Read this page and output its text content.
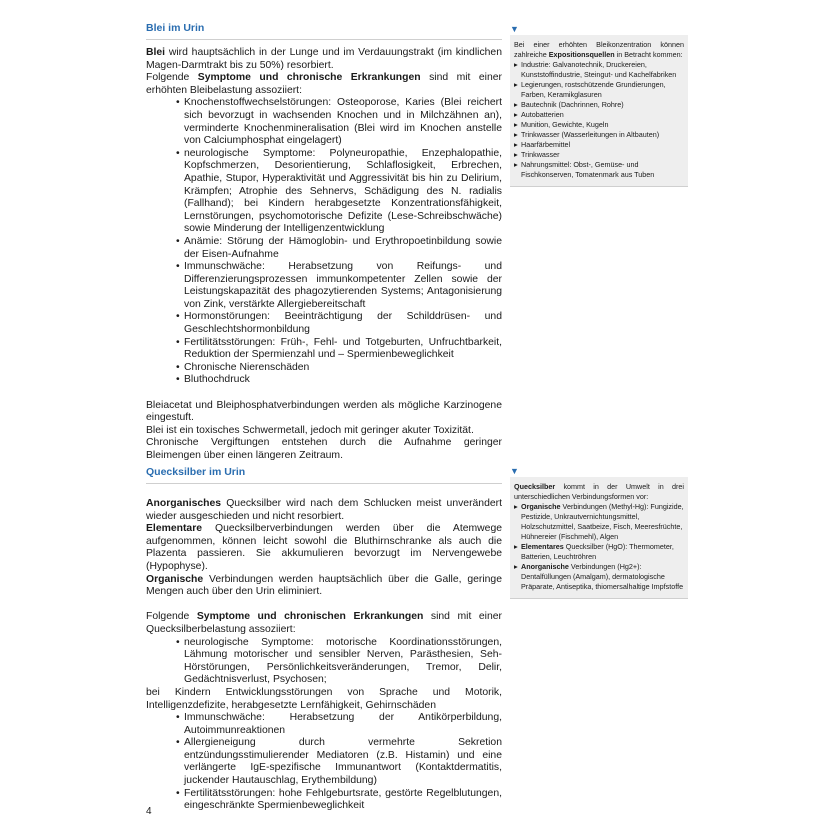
Blei im Urin

Blei wird hauptsächlich in der Lunge und im Verdauungstrakt (im kindlichen Magen-Darmtrakt bis zu 50%) resorbiert.

Folgende Symptome und chronische Erkrankungen sind mit einer erhöhten Bleibelastung assoziiert:

• Knochenstoffwechselstörungen: Osteoporose, Karies (Blei reichert sich bevorzugt in wachsenden Knochen und in Milchzähnen an), verminderte Knochenmineralisation (Blei wird im Knochen anstelle von Calciumphosphat eingelagert)
• neurologische Symptome: Polyneuropathie, Enzephalopathie, Kopfschmerzen, Desorientierung, Schlaflosigkeit, Erbrechen, Apathie, Stupor, Hyperaktivität und Aggressivität bis hin zu Delirium, Krämpfen; Atrophie des Sehnervs, Schädigung des N. radialis (Fallhand); bei Kindern herabgesetzte Konzentrationsfähigkeit, Lernstörungen, psychomotorische Defizite (Lese-Schreibschwäche) sowie Minderung der Intelligenzentwicklung
• Anämie: Störung der Hämoglobin- und Erythropoetinbildung sowie der Eisen-Aufnahme
• Immunschwäche: Herabsetzung von Reifungs- und Differenzierungsprozessen immunkompetenter Zellen sowie der Leistungskapazität des phagozytierenden Systems; Antagonisierung von Zink, verstärkte Allergiebereitschaft
• Hormonstörungen: Beeinträchtigung der Schilddrüsen- und Geschlechtshormonbildung
• Fertilitätsstörungen: Früh-, Fehl- und Totgeburten, Unfruchtbarkeit, Reduktion der Spermienzahl und – Spermienbeweglichkeit
• Chronische Nierenschäden
• Bluthochdruck

Bleiacetat und Bleiphosphatverbindungen werden als mögliche Karzinogene eingestuft.

Blei ist ein toxisches Schwermetall, jedoch mit geringer akuter Toxizität.

Chronische Vergiftungen entstehen durch die Aufnahme geringer Bleimengen über einen längeren Zeitraum.

▼

Bei einer erhöhten Bleikonzentration können zahlreiche Expositionsquellen in Betracht kommen:

▸ Industrie: Galvanotechnik, Druckereien, Kunststoffindustrie, Steingut- und Kachelfabriken
▸ Legierungen, rostschützende Grundierungen, Farben, Keramikglasuren
▸ Bautechnik (Dachrinnen, Rohre)
▸ Autobatterien
▸ Munition, Gewichte, Kugeln
▸ Trinkwasser (Wasserleitungen in Altbauten)
▸ Haarfärbemittel
▸ Trinkwasser
▸ Nahrungsmittel: Obst-, Gemüse- und Fischkonserven, Tomatenmark aus Tuben
Quecksilber im Urin

Anorganisches Quecksilber wird nach dem Schlucken meist unverändert wieder ausgeschieden und nicht resorbiert.

Elementare Quecksilberverbindungen werden über die Atemwege aufgenommen, können leicht sowohl die Bluthirnschranke als auch die Plazenta passieren. Sie akkumulieren bevorzugt im Nervengewebe (Hypophyse).

Organische Verbindungen werden hauptsächlich über die Galle, geringe Mengen auch über den Urin eliminiert.

Folgende Symptome und chronischen Erkrankungen sind mit einer Quecksilberbelastung assoziiert:

• neurologische Symptome: motorische Koordinationsstörungen, Lähmung motorischer und sensibler Nerven, Parästhesien, Seh-Hörstörungen, Persönlichkeitsveränderungen, Tremor, Delir, Gedächtnisverlust, Psychosen;

bei Kindern Entwicklungsstörungen von Sprache und Motorik, Intelligenzdefizite, herabgesetzte Lernfähigkeit, Gehirnschäden

• Immunschwäche: Herabsetzung der Antikörperbildung, Autoimmunreaktionen
• Allergieneigung durch vermehrte Sekretion entzündungsstimulierender Mediatoren (z.B. Histamin) und eine verlängerte IgE-spezifische Immunantwort (Kontaktdermatitis, juckender Hautauschlag, Erythembildung)
• Fertilitätsstörungen: hohe Fehlgeburtsrate, gestörte Regelblutungen, eingeschränkte Spermienbeweglichkeit
▼

Quecksilber kommt in der Umwelt in drei unterschiedlichen Verbindungsformen vor:

▸ Organische Verbindungen (Methyl-Hg): Fungizide, Pestizide, Unkrautvernichtungsmittel, Holzschutzmittel, Saatbeize, Fisch, Meeresfrüchte, Hühnereier (Fischmehl), Algen
▸ Elementares Quecksilber (HgO): Thermometer, Batterien, Leuchtröhren
▸ Anorganische Verbindungen (Hg2+): Dentalfüllungen (Amalgam), dermatologische Präparate, Antiseptika, thiomersalhaltige Impfstoffe
4
